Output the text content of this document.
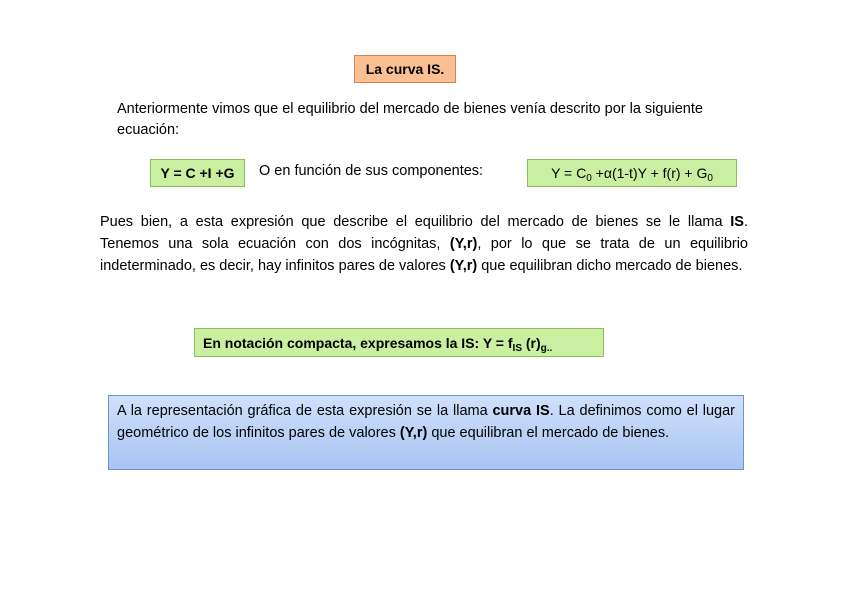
La curva IS.
Anteriormente vimos que el equilibrio del mercado de bienes venía descrito por la siguiente ecuación:
Y = C +I +G O en función de sus componentes:	$Y = C_0 +\alpha(1-t)Y + f(r) + G_0$
Pues bien, a esta expresión que describe el equilibrio del mercado de bienes se le llama IS. Tenemos una sola ecuación con dos incógnitas, (Y,r), por lo que se trata de un equilibrio indeterminado, es decir, hay infinitos pares de valores (Y,r) que equilibran dicho mercado de bienes.
En notación compacta, expresamos la IS: $Y = f_{IS}$ $(r)_{g..}$
A la representación gráfica de esta expresión se la llama curva IS. La definimos como el lugar geométrico de los infinitos pares de valores (Y,r) que equilibran el mercado de bienes.
